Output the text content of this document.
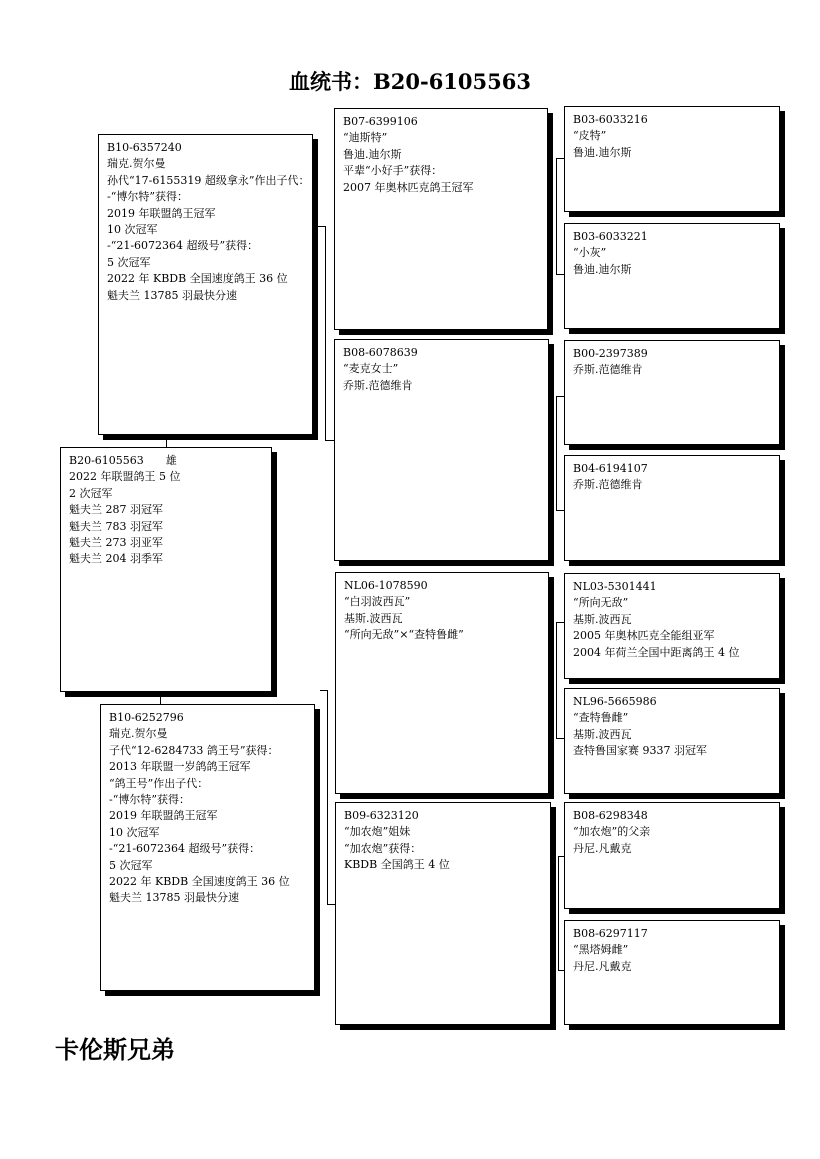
血统书：B20-6105563
B20-6105563　　雄
2022 年联盟鸽王 5 位
2 次冠军
魁夫兰 287 羽冠军
魁夫兰 783 羽冠军
魁夫兰 273 羽亚军
魁夫兰 204 羽季军
B10-6357240
瑞克.贺尔曼
孙代“17-6155319 超级拿永”作出子代：
-“博尔特”获得：
2019 年联盟鸽王冠军
10 次冠军
-“21-6072364 超级号”获得：
5 次冠军
2022 年 KBDB 全国速度鸽王 36 位
魁夫兰 13785 羽最快分速
B10-6252796
瑞克.贺尔曼
子代“12-6284733 鸽王号”获得：
2013 年联盟一岁鸽鸽王冠军
“鸽王号”作出子代：
-“博尔特”获得：
2019 年联盟鸽王冠军
10 次冠军
-“21-6072364 超级号”获得：
5 次冠军
2022 年 KBDB 全国速度鸽王 36 位
魁夫兰 13785 羽最快分速
B07-6399106
“迪斯特”
鲁迪.迪尔斯
平辈“小好手”获得：
2007 年奥林匹克鸽王冠军
B08-6078639
“麦克女士”
乔斯.范德维肯
NL06-1078590
“白羽波西瓦”
基斯.波西瓦
“所向无敌”×“查特鲁雌”
B09-6323120
“加农炮”姐妹
“加农炮”获得：
KBDB 全国鸽王 4 位
B03-6033216
“皮特”
鲁迪.迪尔斯
B03-6033221
“小灰”
鲁迪.迪尔斯
B00-2397389
乔斯.范德维肯
B04-6194107
乔斯.范德维肯
NL03-5301441
“所向无敌”
基斯.波西瓦
2005 年奥林匹克全能组亚军
2004 年荷兰全国中距离鸽王 4 位
NL96-5665986
“查特鲁雌”
基斯.波西瓦
查特鲁国家赛 9337 羽冠军
B08-6298348
“加农炮”的父亲
丹尼.凡戴克
B08-6297117
“黑塔姆雌”
丹尼.凡戴克
卡伦斯兄弟
